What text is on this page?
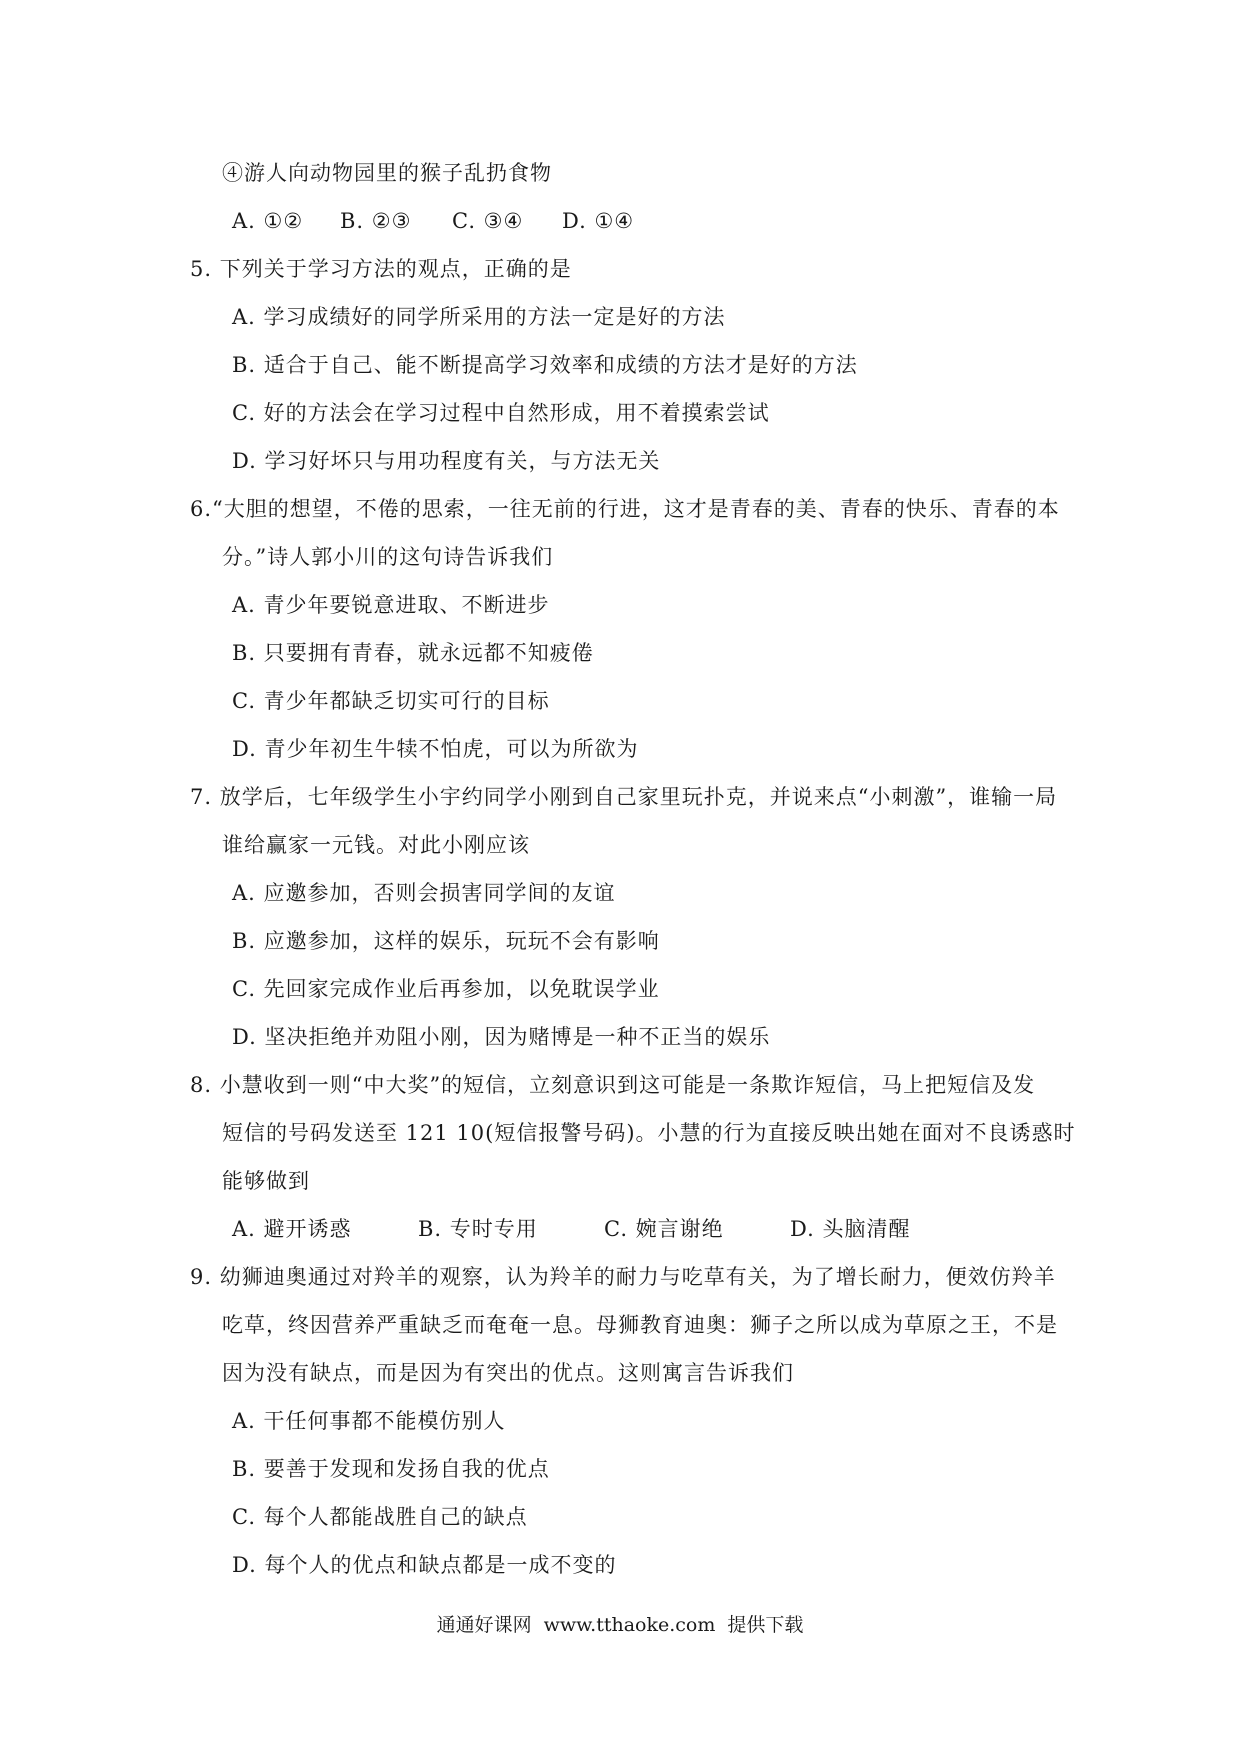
④游人向动物园里的猴子乱扔食物
A. ①② B. ②③ C. ③④ D. ①④
5. 下列关于学习方法的观点，正确的是
A. 学习成绩好的同学所采用的方法一定是好的方法
B. 适合于自己、能不断提高学习效率和成绩的方法才是好的方法
C. 好的方法会在学习过程中自然形成，用不着摸索尝试
D. 学习好坏只与用功程度有关，与方法无关
6.“大胆的想望，不倦的思索，一往无前的行进，这才是青春的美、青春的快乐、青春的本
分。”诗人郭小川的这句诗告诉我们
A. 青少年要锐意进取、不断进步
B. 只要拥有青春，就永远都不知疲倦
C. 青少年都缺乏切实可行的目标
D. 青少年初生牛犊不怕虎，可以为所欲为
7. 放学后，七年级学生小宇约同学小刚到自己家里玩扑克，并说来点“小刺激”，谁输一局
谁给赢家一元钱。对此小刚应该
A. 应邀参加，否则会损害同学间的友谊
B. 应邀参加，这样的娱乐，玩玩不会有影响
C. 先回家完成作业后再参加，以免耽误学业
D. 坚决拒绝并劝阻小刚，因为赌博是一种不正当的娱乐
8. 小慧收到一则“中大奖”的短信，立刻意识到这可能是一条欺诈短信，马上把短信及发
短信的号码发送至 121 10(短信报警号码)。小慧的行为直接反映出她在面对不良诱惑时
能够做到
A. 避开诱惑	B. 专时专用	C. 婉言谢绝	D. 头脑清醒
9. 幼狮迪奥通过对羚羊的观察，认为羚羊的耐力与吃草有关，为了增长耐力，便效仿羚羊
吃草，终因营养严重缺乏而奄奄一息。母狮教育迪奥：狮子之所以成为草原之王，不是
因为没有缺点，而是因为有突出的优点。这则寓言告诉我们
A. 干任何事都不能模仿别人
B. 要善于发现和发扬自我的优点
C. 每个人都能战胜自己的缺点
D. 每个人的优点和缺点都是一成不变的
通通好课网 www.tthaoke.com 提供下载
